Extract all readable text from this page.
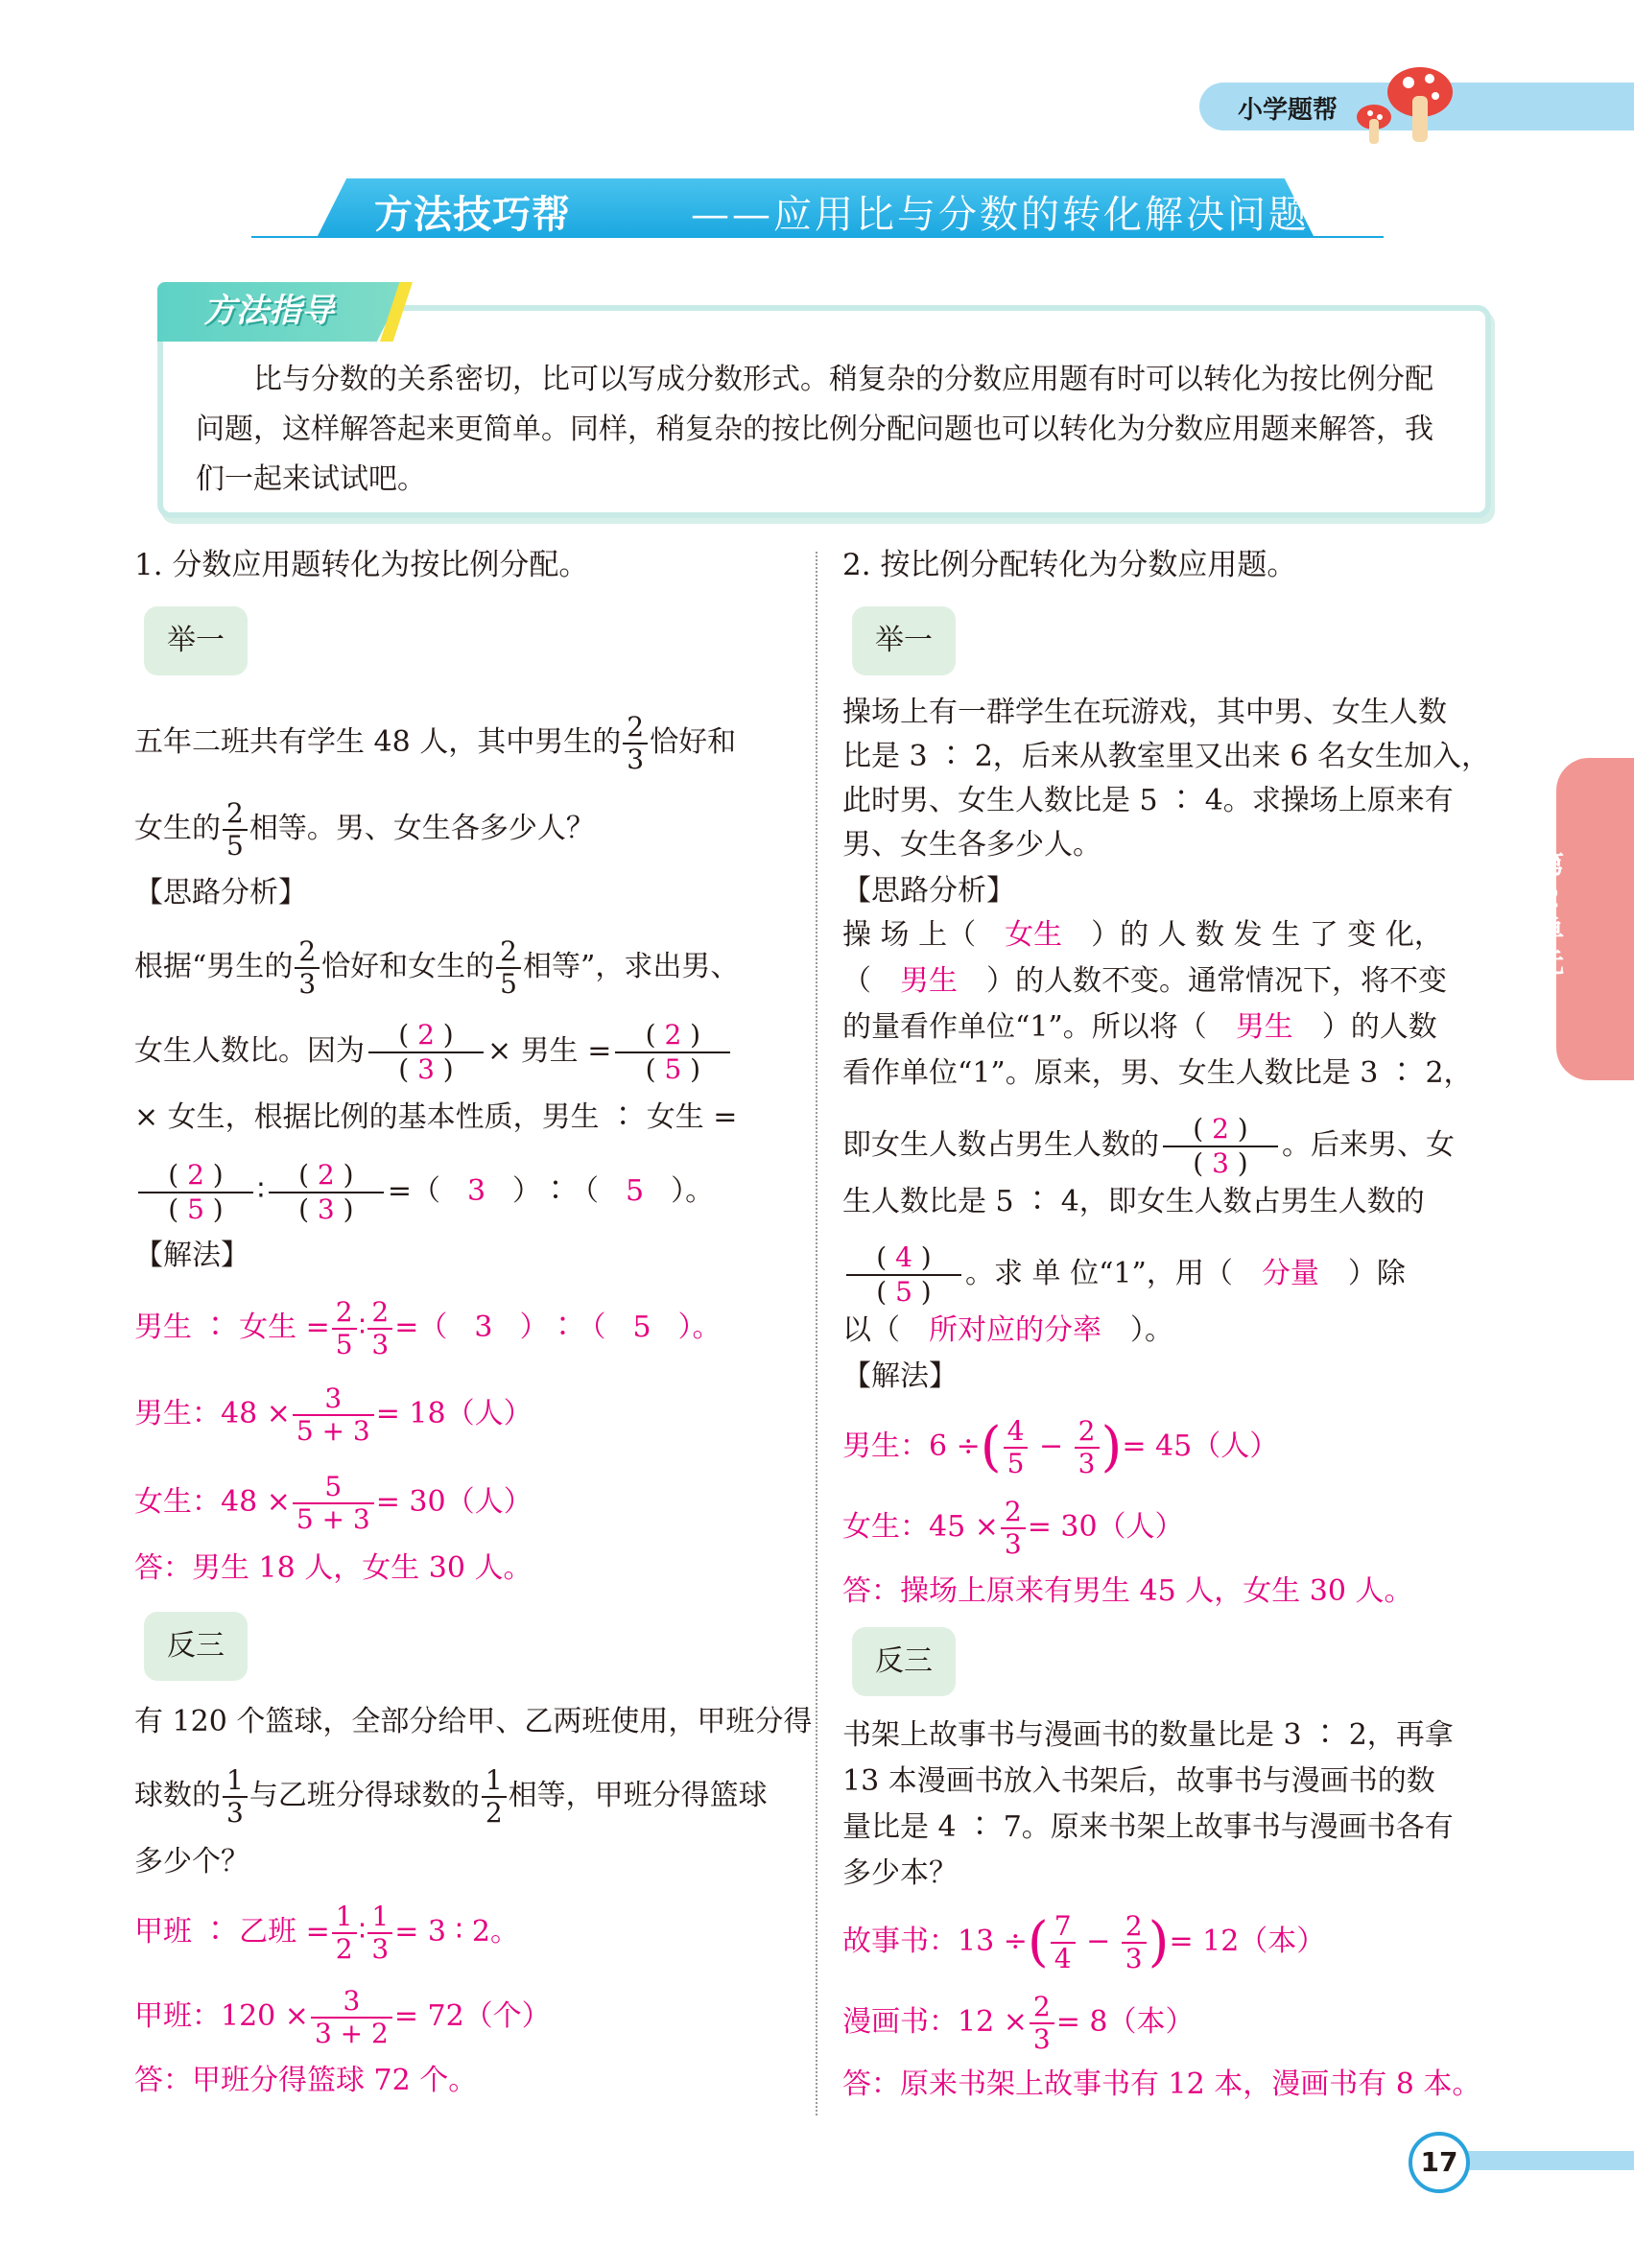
小学题帮
方法技巧帮	——应用比与分数的转化解决问题
方法指导
比与分数的关系密切，比可以写成分数形式。稍复杂的分数应用题有时可以转化为按比例分配问题，这样解答起来更简单。同样，稍复杂的按比例分配问题也可以转化为分数应用题来解答，我们一起来试试吧。
1. 分数应用题转化为按比例分配。
举一
五年二班共有学生 48 人，其中男生的 $\frac{2}{3}$ 恰好和
女生的 $\frac{2}{5}$ 相等。男、女生各多少人？
【思路分析】
根据“男生的 $\frac{2}{3}$ 恰好和女生的 $\frac{2}{5}$ 相等”，求出男、
女生人数比。因为 $\frac{( 2 )}{( 3 )}$ × 男生 = $\frac{( 2 )}{( 5 )}$
× 女生，根据比例的基本性质，男生 ∶ 女生 =
$\frac{( 2 )}{( 5 )}$ ∶ $\frac{( 2 )}{( 3 )}$ =（ 3 ）∶（ 5 ）。
【解法】
男生 ∶ 女生 = $\frac{2}{5}$ ∶ $\frac{2}{3}$ =（ 3 ）∶（ 5 ）。
男生：$48 \times \frac{3}{5 + 3} = 18$（人）
女生：$48 \times \frac{5}{5 + 3} = 30$（人）
答：男生 18 人，女生 30 人。
反三
有 120 个篮球，全部分给甲、乙两班使用，甲班分得
球数的 $\frac{1}{3}$ 与乙班分得球数的 $\frac{1}{2}$ 相等，甲班分得篮球
多少个？
甲班 ∶ 乙班 = $\frac{1}{2}$ ∶ $\frac{1}{3} = 3$ ∶ 2。
甲班：$120 \times \frac{3}{3 + 2} = 72$（个）
答：甲班分得篮球 72 个。
2. 按比例分配转化为分数应用题。
举一
操场上有一群学生在玩游戏，其中男、女生人数
比是 3 ∶ 2，后来从教室里又出来 6 名女生加入，
此时男、女生人数比是 5 ∶ 4。求操场上原来有
男、女生各多少人。
【思路分析】
操 场 上（ 女生 ）的 人 数 发 生 了 变 化，
（ 男生 ）的人数不变。通常情况下，将不变
的量看作单位“1”。所以将（ 男生 ）的人数
看作单位“1”。原来，男、女生人数比是 3 ∶ 2，
即女生人数占男生人数的 $\frac{( 2 )}{( 3 )}$ 。后来男、女
生人数比是 5 ∶ 4，即女生人数占男生人数的
$\frac{( 4 )}{( 5 )}$ 。求 单 位“1”，用（ 分量 ）除
以（ 所对应的分率 ）。
【解法】
男生：6 ÷( $\frac{4}{5} - \frac{2}{3}$ )= 45（人）
女生：$45 \times \frac{2}{3} = 30$（人）
答：操场上原来有男生 45 人，女生 30 人。
反三
书架上故事书与漫画书的数量比是 3 ∶ 2，再拿
13 本漫画书放入书架后，故事书与漫画书的数
量比是 4 ∶ 7。原来书架上故事书与漫画书各有
多少本？
故事书：13 ÷( $\frac{7}{4} - \frac{2}{3}$ )= 12（本）
漫画书：$12 \times \frac{2}{3} = 8$（本）
答：原来书架上故事书有 12 本，漫画书有 8 本。
第2单元
17
